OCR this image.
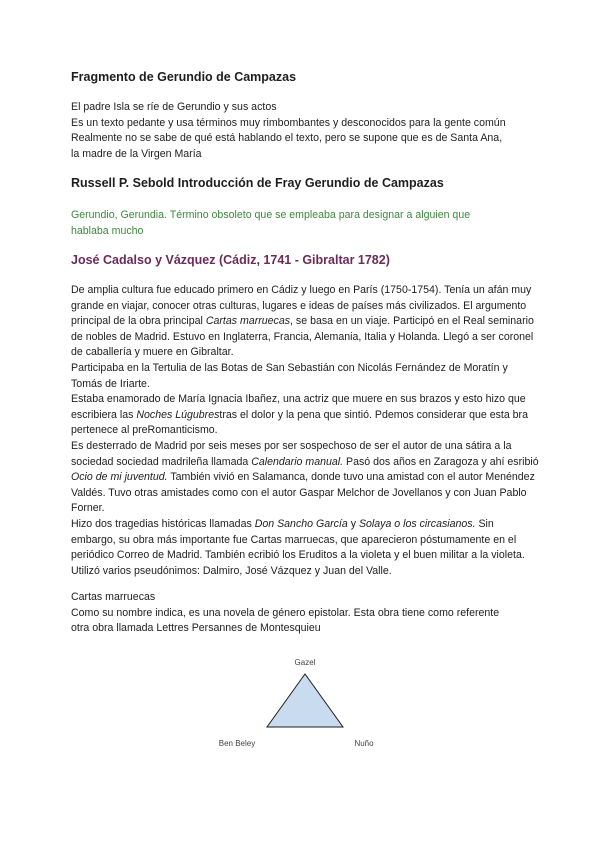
Fragmento de Gerundio de Campazas
El padre Isla se ríe de Gerundio y sus actos
Es un texto pedante y usa términos muy rimbombantes y desconocidos para la gente común
Realmente no se sabe de qué está hablando el texto, pero se supone que es de Santa Ana,
la madre de la Virgen María
Russell P. Sebold Introducción de Fray Gerundio de Campazas
Gerundio, Gerundia. Término obsoleto que se empleaba para designar a alguien que
hablaba mucho
José Cadalso y Vázquez (Cádiz, 1741 - Gibraltar 1782)

De amplia cultura fue educado primero en Cádiz y luego en París (1750-1754). Tenía un afán muy grande en viajar, conocer otras culturas, lugares e ideas de países más civilizados. El argumento principal de la obra principal Cartas marruecas, se basa en un viaje. Participó en el Real seminario de nobles de Madrid. Estuvo en Inglaterra, Francia, Alemania, Italia y Holanda. Llegó a ser coronel de caballería y muere en Gibraltar.
Participaba en la Tertulia de las Botas de San Sebastián con Nicolás Fernández de Moratín y Tomás de Iriarte.
Estaba enamorado de María Ignacia Ibañez, una actriz que muere en sus brazos y esto hizo que escribiera las Noches Lúgubrestras el dolor y la pena que sintió. Pdemos considerar que esta bra pertenece al preRomanticismo.
Es desterrado de Madrid por seis meses por ser sospechoso de ser el autor de una sátira a la sociedad sociedad madrileña llamada Calendario manual. Pasó dos años en Zaragoza y ahí esribió Ocio de mi juventud. También vivió en Salamanca, donde tuvo una amistad con el autor Menéndez Valdés. Tuvo otras amistades como con el autor Gaspar Melchor de Jovellanos y con Juan Pablo Forner.
Hizo dos tragedias históricas llamadas Don Sancho García y Solaya o los circasianos. Sin embargo, su obra más importante fue Cartas marruecas, que aparecieron póstumamente en el periódico Correo de Madrid. También ecribió los Eruditos a la violeta y el buen militar a la violeta.
Utilizó varios pseudónimos: Dalmiro, José Vázquez y Juan del Valle.

Cartas marruecas
Como su nombre indica, es una novela de género epistolar. Esta obra tiene como referente
otra obra llamada Lettres Persannes de Montesquieu
Gazel
Ben Beley	Nuño
